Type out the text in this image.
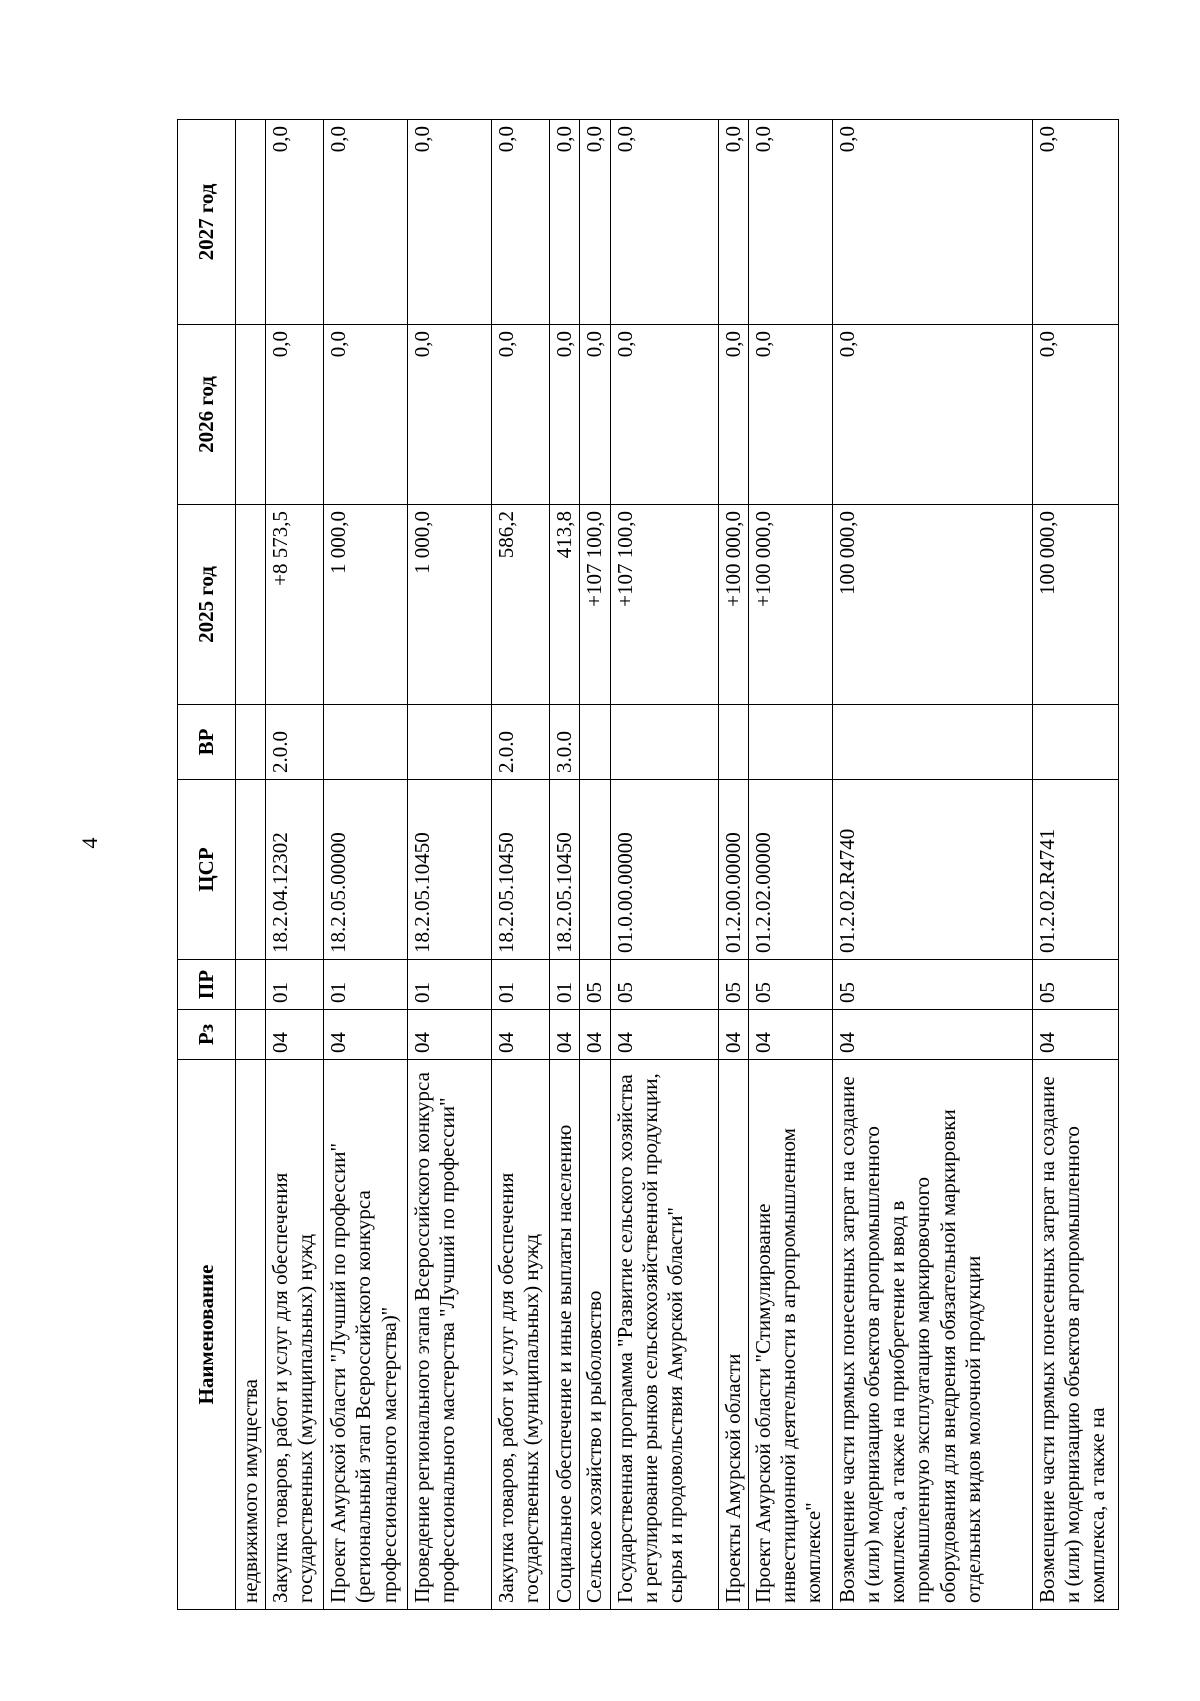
4
Наименование	Рз	ПР	ЦСР	ВР	2025 год	2026 год	2027 год
недвижимого имущества							
Закупка товаров, работ и услуг для обеспечения государственных (муниципальных) нужд	04	01	18.2.04.12302	2.0.0	+8 573,5	0,0	0,0
Проект Амурской области "Лучший по профессии" (региональный этап Всероссийского конкурса профессионального мастерства)"	04	01	18.2.05.00000		1 000,0	0,0	0,0
Проведение регионального этапа Всероссийского конкурса профессионального мастерства "Лучший по профессии"	04	01	18.2.05.10450		1 000,0	0,0	0,0
Закупка товаров, работ и услуг для обеспечения государственных (муниципальных) нужд	04	01	18.2.05.10450	2.0.0	586,2	0,0	0,0
Социальное обеспечение и иные выплаты населению	04	01	18.2.05.10450	3.0.0	413,8	0,0	0,0
Сельское хозяйство и рыболовство	04	05			+107 100,0	0,0	0,0
Государственная программа "Развитие сельского хозяйства и регулирование рынков сельскохозяйственной продукции, сырья и продовольствия Амурской области"	04	05	01.0.00.00000		+107 100,0	0,0	0,0
Проекты Амурской области	04	05	01.2.00.00000		+100 000,0	0,0	0,0
Проект Амурской области "Стимулирование инвестиционной деятельности в агропромышленном комплексе"	04	05	01.2.02.00000		+100 000,0	0,0	0,0
Возмещение части прямых понесенных затрат на создание и (или) модернизацию объектов агропромышленного комплекса, а также на приобретение и ввод в промышленную эксплуатацию маркировочного оборудования для внедрения обязательной маркировки отдельных видов молочной продукции	04	05	01.2.02.R4740		100 000,0	0,0	0,0
Возмещение части прямых понесенных затрат на создание и (или) модернизацию объектов агропромышленного комплекса, а также на	04	05	01.2.02.R4741		100 000,0	0,0	0,0
